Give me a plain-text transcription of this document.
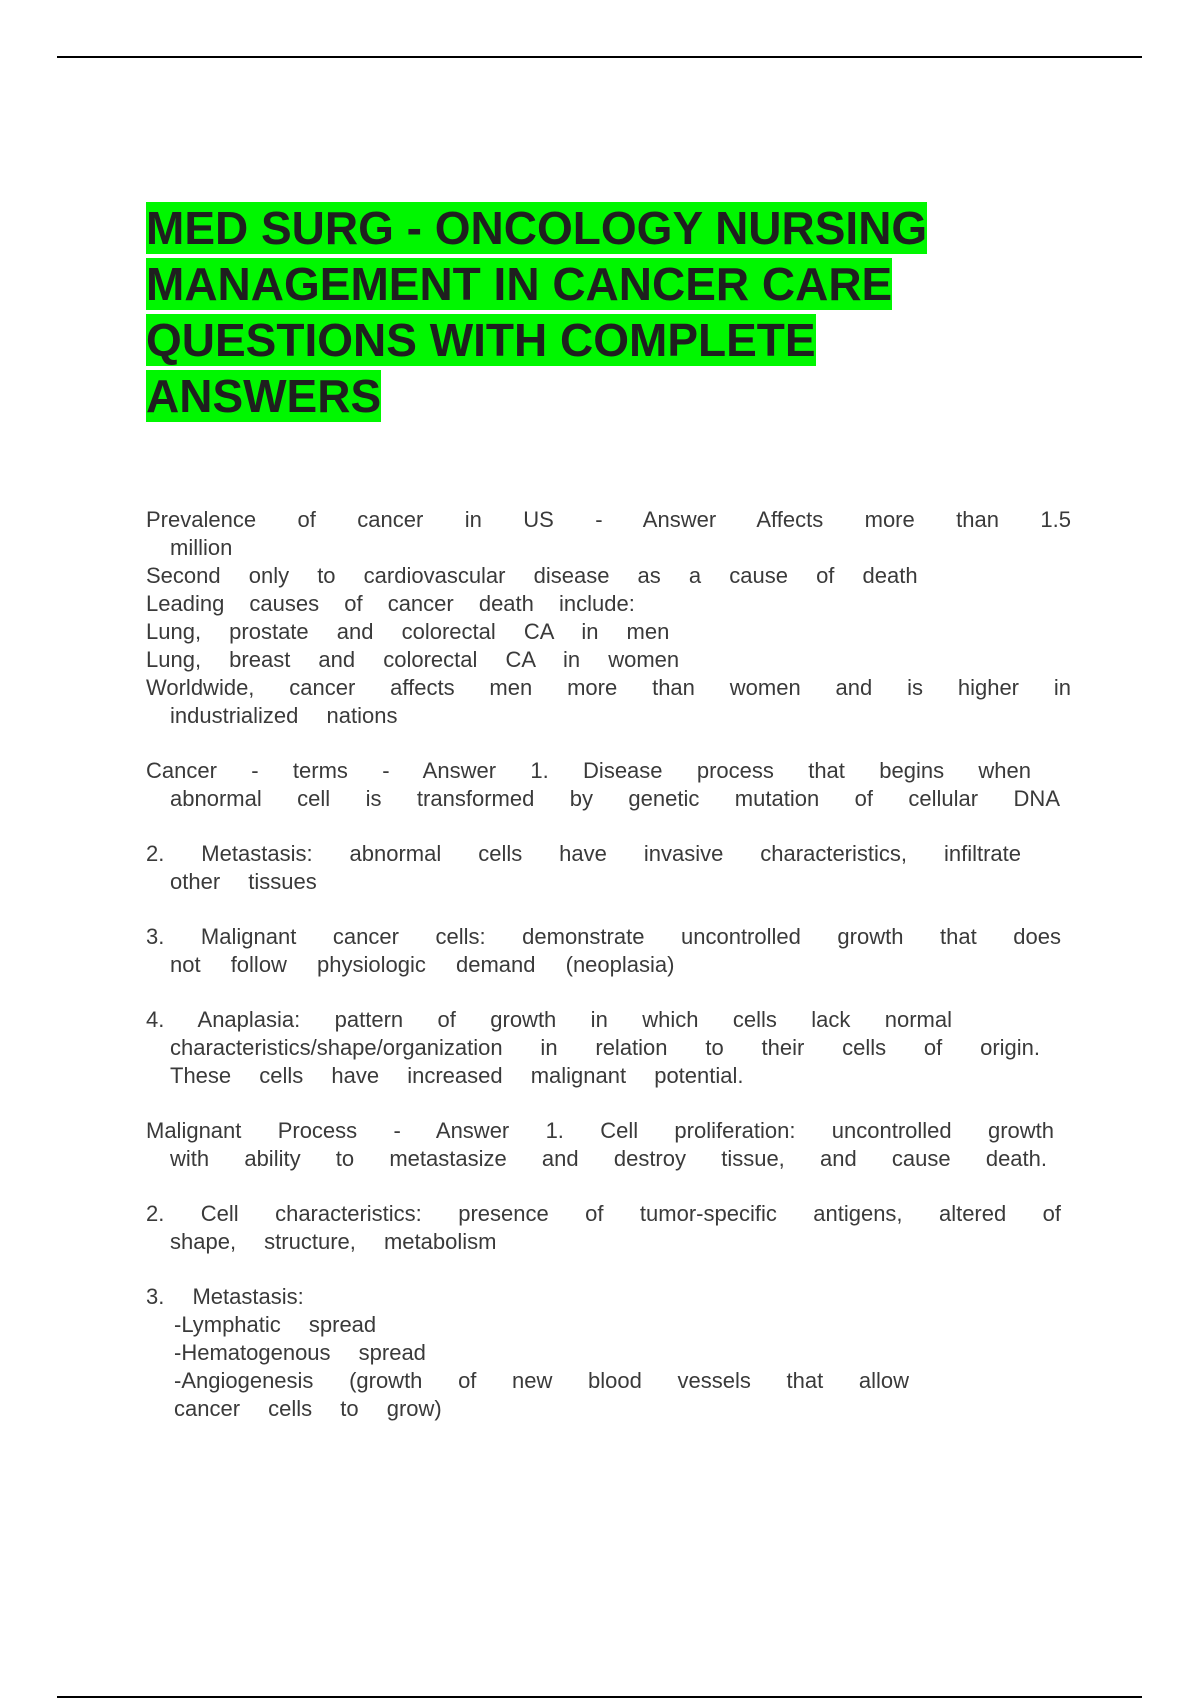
MED SURG - ONCOLOGY NURSING
MANAGEMENT IN CANCER CARE
QUESTIONS WITH COMPLETE
ANSWERS
Prevalence of cancer in US - Answer Affects more than 1.5
million
Second only to cardiovascular disease as a cause of death
Leading causes of cancer death include:
Lung, prostate and colorectal CA in men
Lung, breast and colorectal CA in women
Worldwide, cancer affects men more than women and is higher in
industrialized nations
Cancer - terms - Answer 1. Disease process that begins when
abnormal cell is transformed by genetic mutation of cellular DNA
2. Metastasis: abnormal cells have invasive characteristics, infiltrate
other tissues
3. Malignant cancer cells: demonstrate uncontrolled growth that does
not follow physiologic demand (neoplasia)
4. Anaplasia: pattern of growth in which cells lack normal
characteristics/shape/organization in relation to their cells of origin.
These cells have increased malignant potential.
Malignant Process - Answer 1. Cell proliferation: uncontrolled growth
with ability to metastasize and destroy tissue, and cause death.
2. Cell characteristics: presence of tumor-specific antigens, altered of
shape, structure, metabolism
3. Metastasis:
-Lymphatic spread
-Hematogenous spread
-Angiogenesis (growth of new blood vessels that allow
cancer cells to grow)
